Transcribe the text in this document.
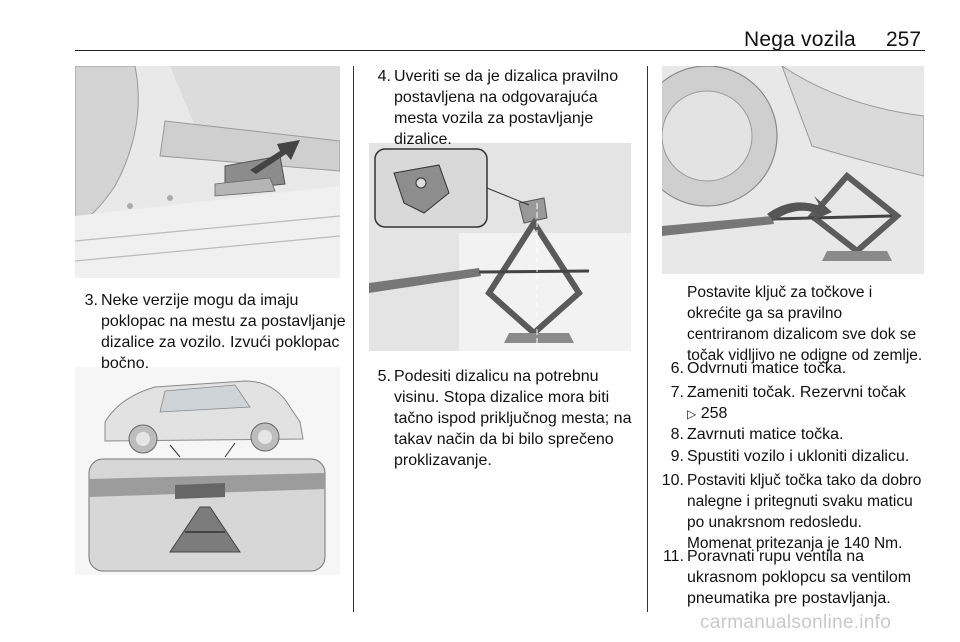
Nega vozila 257
3. Neke verzije mogu da imaju poklopac na mestu za postavljanje dizalice za vozilo. Izvući poklopac bočno.
4. Uveriti se da je dizalica pravilno postavljena na odgovarajuća mesta vozila za postavljanje dizalice.
5. Podesiti dizalicu na potrebnu visinu. Stopa dizalice mora biti tačno ispod priključnog mesta; na takav način da bi bilo sprečeno proklizavanje.
Postavite ključ za točkove i okrećite ga sa pravilno centriranom dizalicom sve dok se točak vidljivo ne odigne od zemlje.
6. Odvrnuti matice točka.
7. Zameniti točak. Rezervni točak
▷ 258
8. Zavrnuti matice točka.
9. Spustiti vozilo i ukloniti dizalicu.
10. Postaviti ključ točka tako da dobro nalegne i pritegnuti svaku maticu po unakrsnom redosledu. Momenat pritezanja je 140 Nm.
11. Poravnati rupu ventila na ukrasnom poklopcu sa ventilom pneumatika pre postavljanja.
carmanualsonline.info
